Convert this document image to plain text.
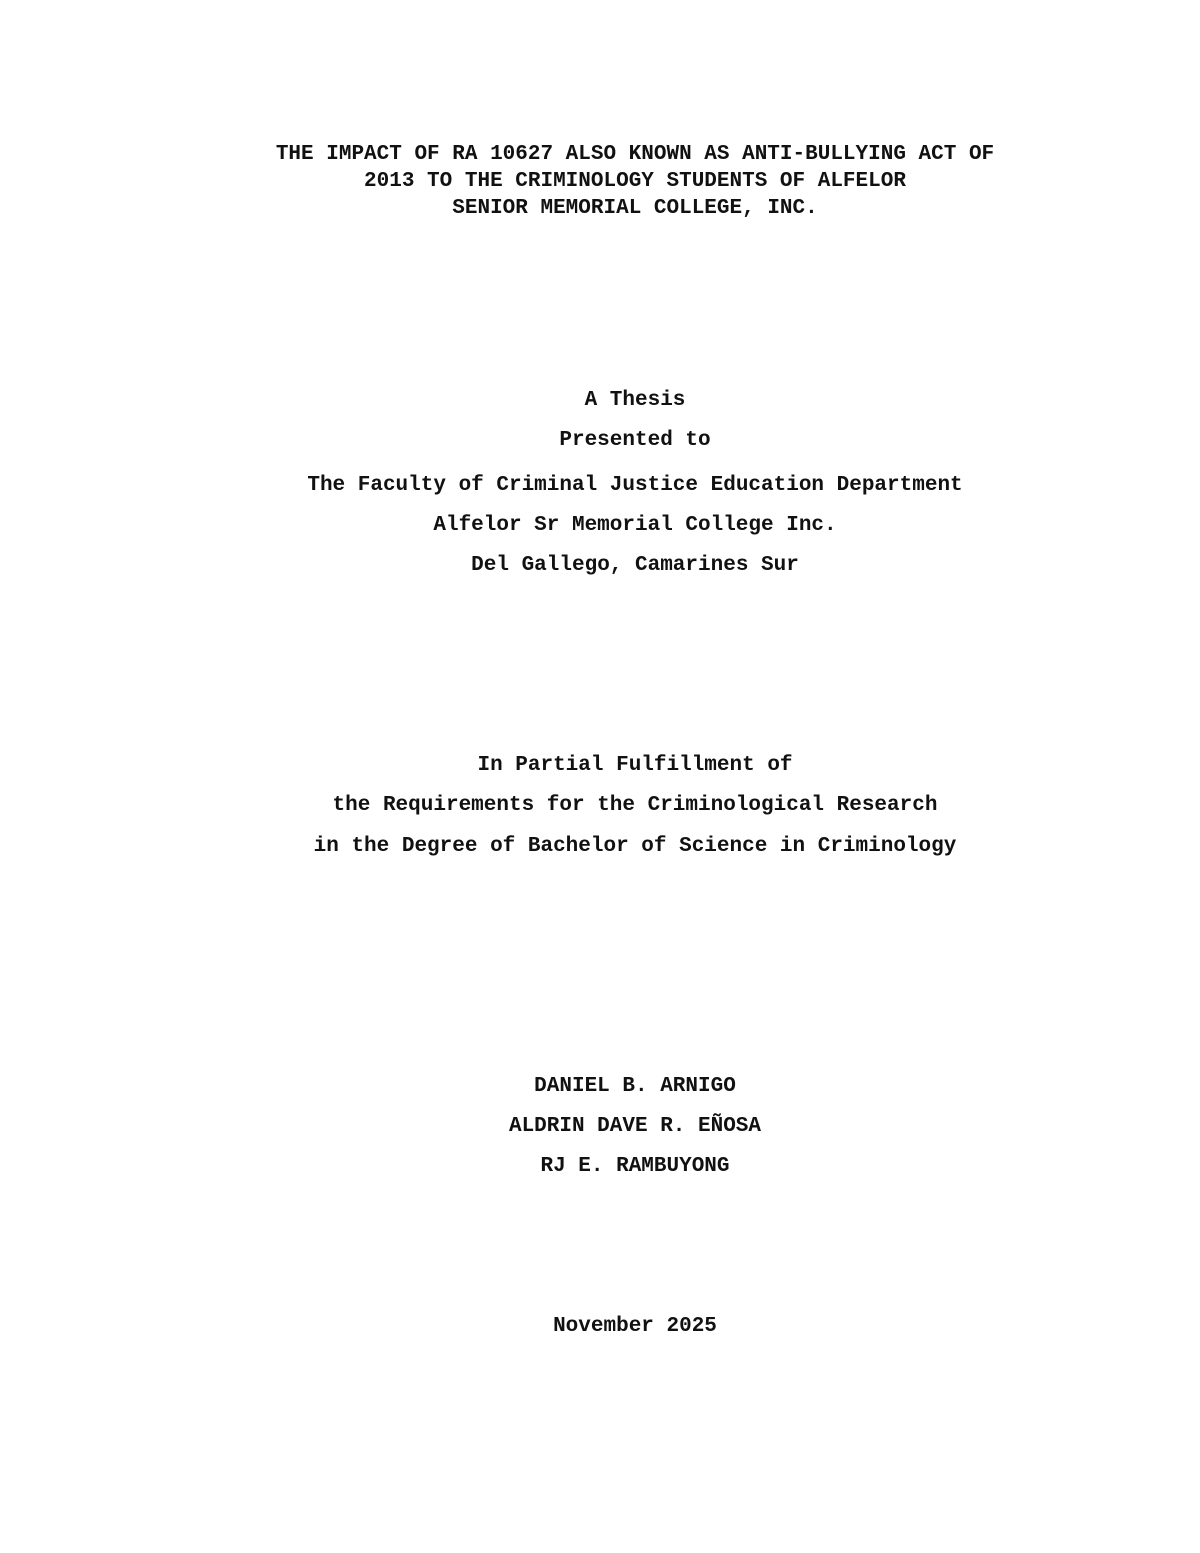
THE IMPACT OF RA 10627 ALSO KNOWN AS ANTI-BULLYING ACT OF
2013 TO THE CRIMINOLOGY STUDENTS OF ALFELOR
SENIOR MEMORIAL COLLEGE, INC.
A Thesis
Presented to
The Faculty of Criminal Justice Education Department
Alfelor Sr Memorial College Inc.
Del Gallego, Camarines Sur
In Partial Fulfillment of
the Requirements for the Criminological Research
in the Degree of Bachelor of Science in Criminology
DANIEL B. ARNIGO
ALDRIN DAVE R. EÑOSA
RJ E. RAMBUYONG
November 2025
